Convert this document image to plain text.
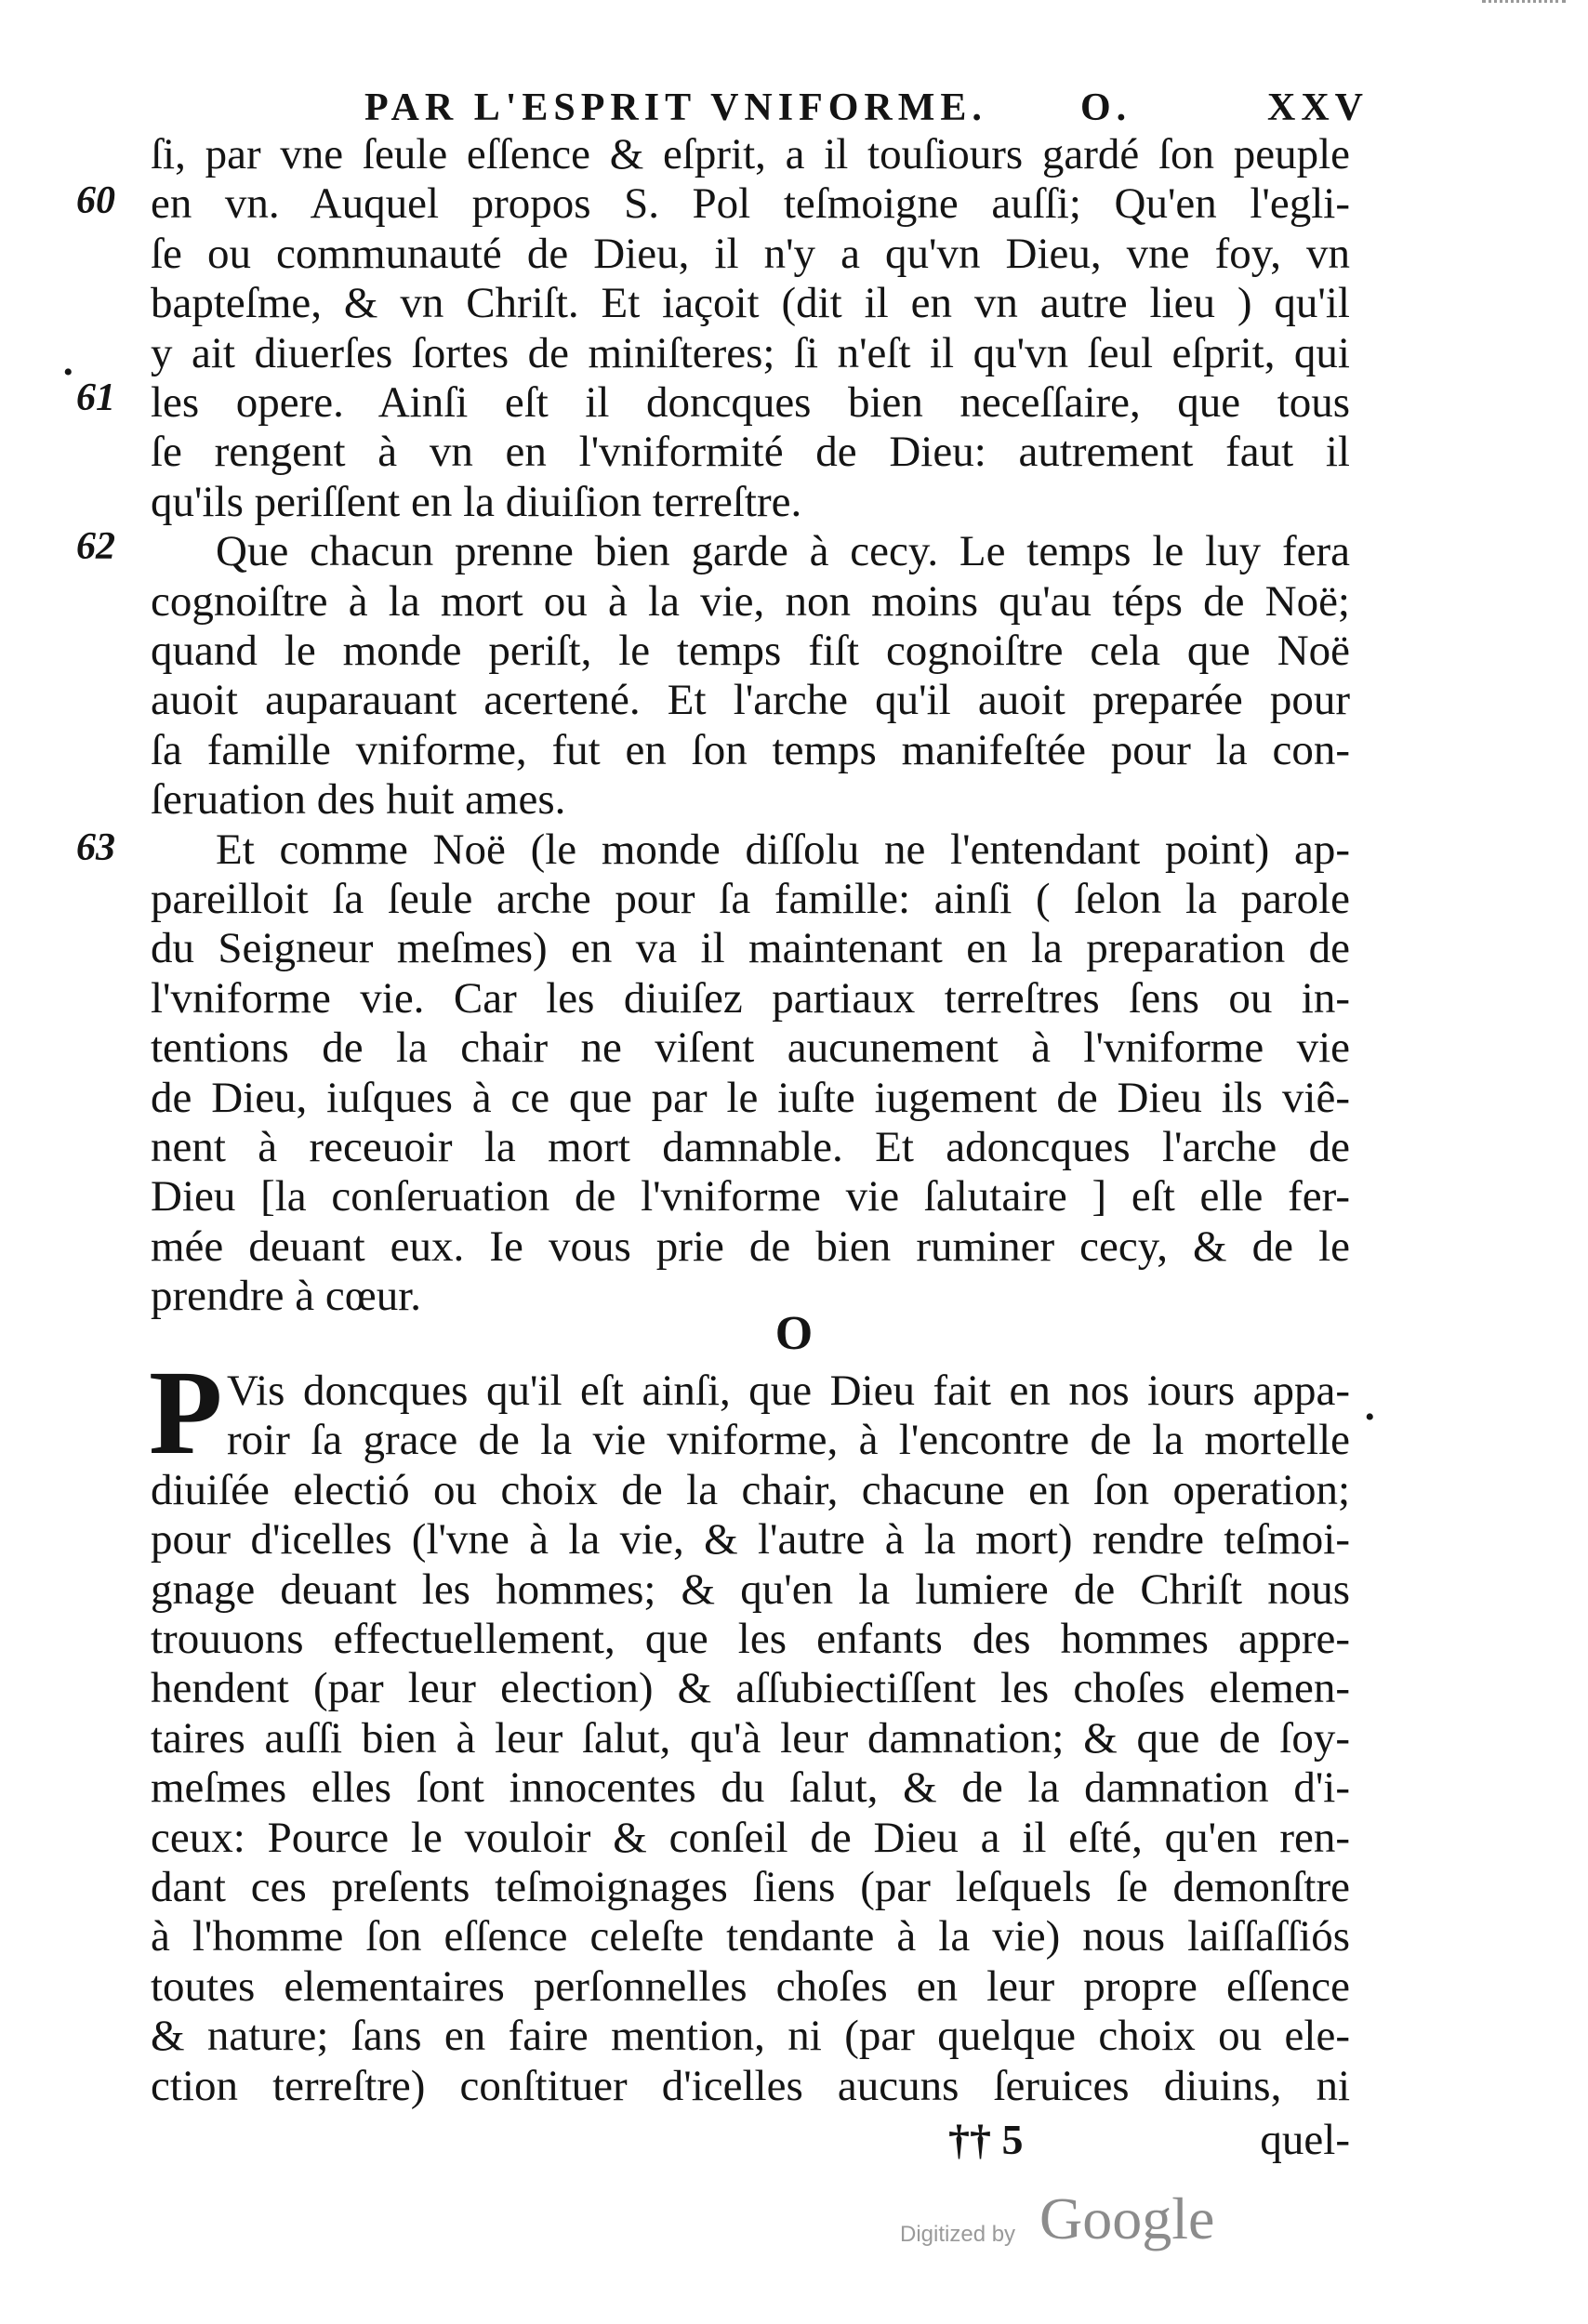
PAR L'ESPRIT VNIFORME. O.	XXV
60
•
61
62
63
ſi, par vne ſeule eſſence & eſprit, a il touſiours gardé ſon peuple
en vn. Auquel propos S. Pol teſmoigne auſſi; Qu'en l'egli-
ſe ou communauté de Dieu, il n'y a qu'vn Dieu, vne foy, vn
bapteſme, & vn Chriſt. Et iaçoit (dit il en vn autre lieu ) qu'il
y ait diuerſes ſortes de miniſteres; ſi n'eſt il qu'vn ſeul eſprit, qui
les opere. Ainſi eſt il doncques bien neceſſaire, que tous
ſe rengent à vn en l'vniformité de Dieu: autrement faut il
qu'ils periſſent en la diuiſion terreſtre.
Que chacun prenne bien garde à cecy. Le temps le luy fera
cognoiſtre à la mort ou à la vie, non moins qu'au téps de Noë;
quand le monde periſt, le temps fiſt cognoiſtre cela que Noë
auoit auparauant acertené. Et l'arche qu'il auoit preparée pour
ſa famille vniforme, fut en ſon temps manifeſtée pour la con-
ſeruation des huit ames.
Et comme Noë (le monde diſſolu ne l'entendant point) ap-
pareilloit ſa ſeule arche pour ſa famille: ainſi ( ſelon la parole
du Seigneur meſmes) en va il maintenant en la preparation de
l'vniforme vie. Car les diuiſez partiaux terreſtres ſens ou in-
tentions de la chair ne viſent aucunement à l'vniforme vie
de Dieu, iuſques à ce que par le iuſte iugement de Dieu ils viê-
nent à receuoir la mort damnable. Et adoncques l'arche de
Dieu [la conſeruation de l'vniforme vie ſalutaire ] eſt elle fer-
mée deuant eux. Ie vous prie de bien ruminer cecy, & de le
prendre à cœur.
O
P	•
Vis doncques qu'il eſt ainſi, que Dieu fait en nos iours appa-
roir ſa grace de la vie vniforme, à l'encontre de la mortelle
diuiſée electió ou choix de la chair, chacune en ſon operation;
pour d'icelles (l'vne à la vie, & l'autre à la mort) rendre teſmoi-
gnage deuant les hommes; & qu'en la lumiere de Chriſt nous
trouuons effectuellement, que les enfants des hommes appre-
hendent (par leur election) & aſſubiectiſſent les choſes elemen-
taires auſſi bien à leur ſalut, qu'à leur damnation; & que de ſoy-
meſmes elles ſont innocentes du ſalut, & de la damnation d'i-
ceux: Pource le vouloir & conſeil de Dieu a il eſté, qu'en ren-
dant ces preſents teſmoignages ſiens (par leſquels ſe demonſtre
à l'homme ſon eſſence celeſte tendante à la vie) nous laiſſaſſiós
toutes elementaires perſonnelles choſes en leur propre eſſence
& nature; ſans en faire mention, ni (par quelque choix ou ele-
ction terreſtre) conſtituer d'icelles aucuns ſeruices diuins, ni
†† 5	quel-
Digitized by Google
